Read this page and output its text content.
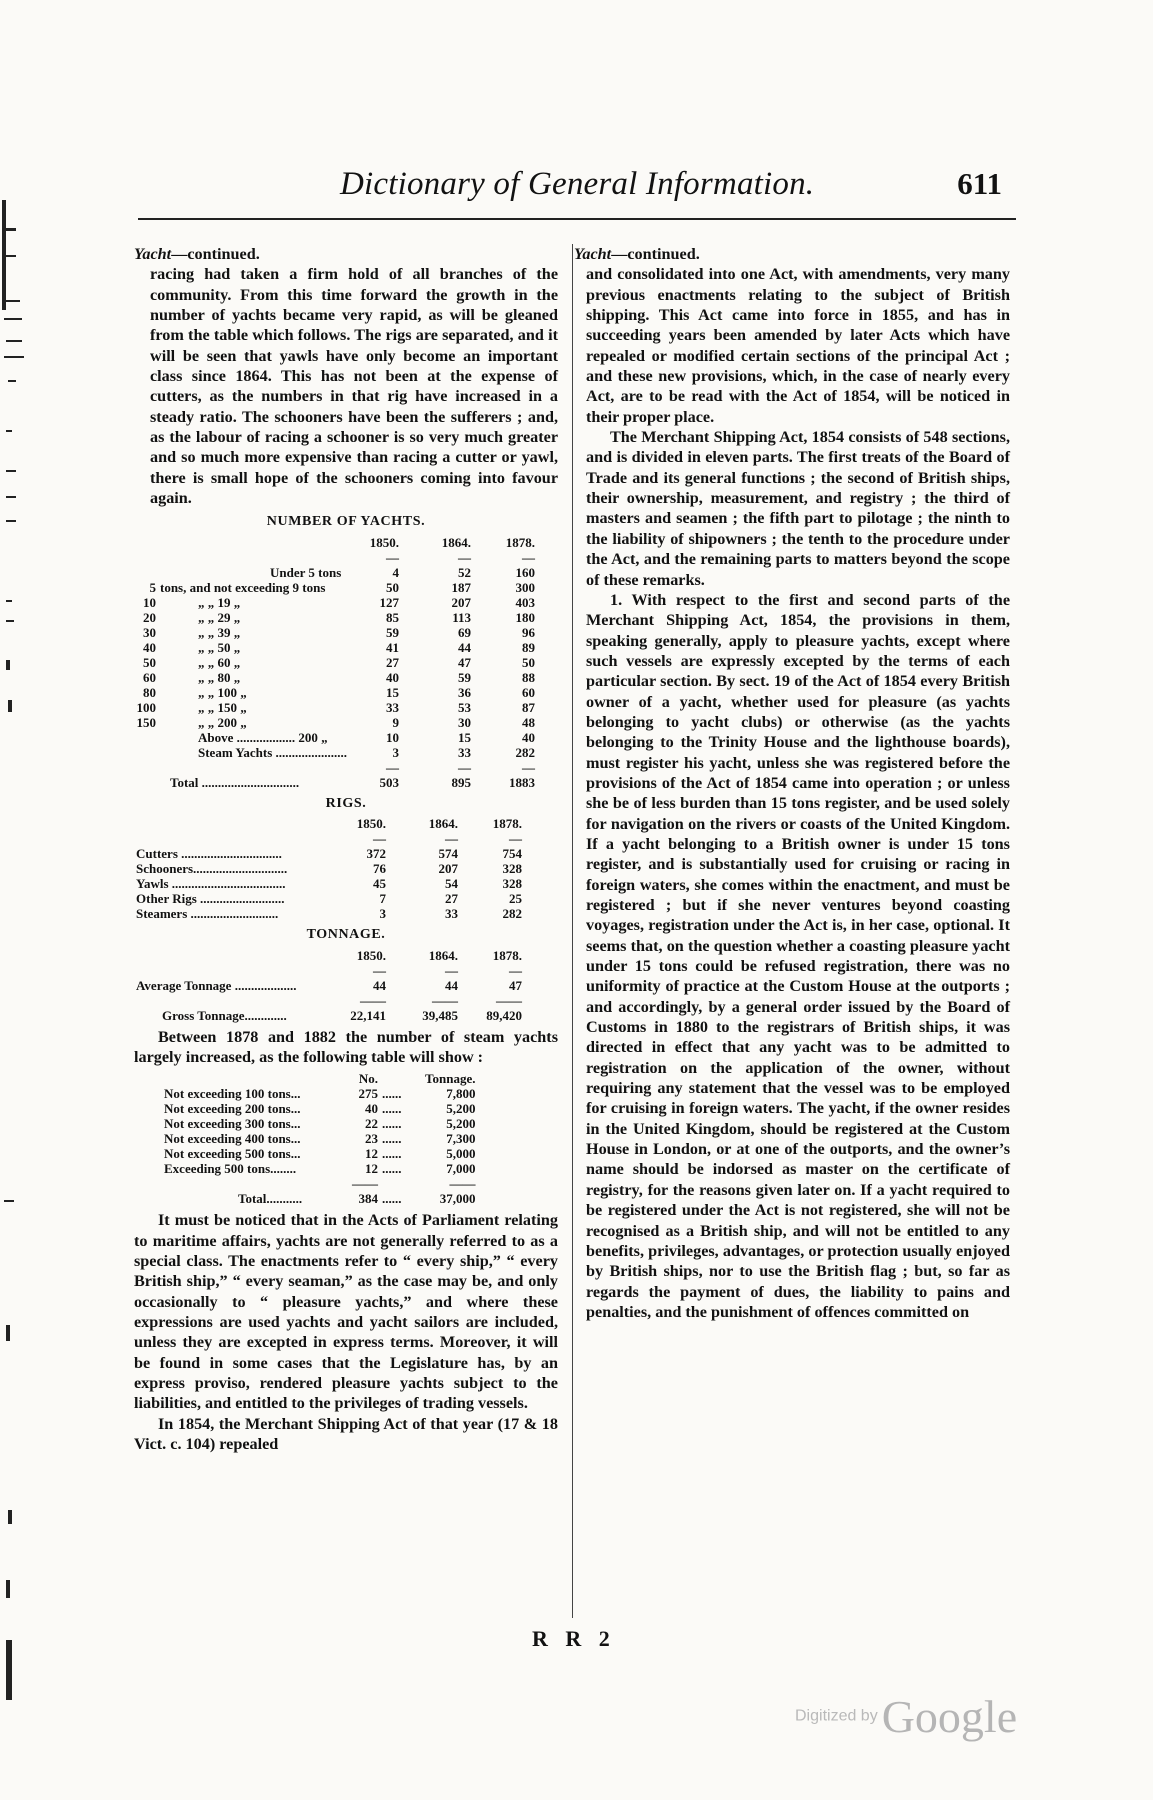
Dictionary of General Information.	611
Yacht—continued.

racing had taken a firm hold of all branches of the community. From this time forward the growth in the number of yachts became very rapid, as will be gleaned from the table which follows. The rigs are separated, and it will be seen that yawls have only become an important class since 1864. This has not been at the expense of cutters, as the numbers in that rig have increased in a steady ratio. The schooners have been the sufferers ; and, as the labour of racing a schooner is so very much greater and so much more expensive than racing a cutter or yawl, there is small hope of the schooners coming into favour again.

NUMBER OF YACHTS.
		1850.	1864.	1878.
		—	—	—
	Under 5 tons	4	52	160
5	tons, and not exceeding 9 tons	50	187	300
10	„ „ 19 „	127	207	403
20	„ „ 29 „	85	113	180
30	„ „ 39 „	59	69	96
40	„ „ 50 „	41	44	89
50	„ „ 60 „	27	47	50
60	„ „ 80 „	40	59	88
80	„ „ 100 „	15	36	60
100	„ „ 150 „	33	53	87
150	„ „ 200 „	9	30	48
	Above .................. 200 „	10	15	40
	Steam Yachts ......................	3	33	282
		—	—	—
	Total ..............................	503	895	1883
RIGS.
	1850.	1864.	1878.
	—	—	—
Cutters ...............................	372	574	754
Schooners.............................	76	207	328
Yawls ...................................	45	54	328
Other Rigs ..........................	7	27	25
Steamers ...........................	3	33	282
TONNAGE.
	1850.	1864.	1878.
	—	—	—
Average Tonnage ...................	44	44	47
	——	——	——
Gross Tonnage.............	22,141	39,485	89,420

Between 1878 and 1882 the number of steam yachts largely increased, as the following table will show :

	No.		Tonnage.
Not exceeding 100 tons...	275	......	7,800
Not exceeding 200 tons...	40	......	5,200
Not exceeding 300 tons...	22	......	5,200
Not exceeding 400 tons...	23	......	7,300
Not exceeding 500 tons...	12	......	5,000
Exceeding 500 tons........	12	......	7,000
	——		——
Total...........	384	......	37,000

It must be noticed that in the Acts of Parliament relating to maritime affairs, yachts are not generally referred to as a special class. The enactments refer to “ every ship,” “ every British ship,” “ every seaman,” as the case may be, and only occasionally to “ pleasure yachts,” and where these expressions are used yachts and yacht sailors are included, unless they are excepted in express terms. Moreover, it will be found in some cases that the Legislature has, by an express proviso, rendered pleasure yachts subject to the liabilities, and entitled to the privileges of trading vessels.

In 1854, the Merchant Shipping Act of that year (17 & 18 Vict. c. 104) repealed

Yacht—continued.

and consolidated into one Act, with amendments, very many previous enactments relating to the subject of British shipping. This Act came into force in 1855, and has in succeeding years been amended by later Acts which have repealed or modified certain sections of the principal Act ; and these new provisions, which, in the case of nearly every Act, are to be read with the Act of 1854, will be noticed in their proper place.

The Merchant Shipping Act, 1854 consists of 548 sections, and is divided in eleven parts. The first treats of the Board of Trade and its general functions ; the second of British ships, their ownership, measurement, and registry ; the third of masters and seamen ; the fifth part to pilotage ; the ninth to the liability of shipowners ; the tenth to the procedure under the Act, and the remaining parts to matters beyond the scope of these remarks.

1. With respect to the first and second parts of the Merchant Shipping Act, 1854, the provisions in them, speaking generally, apply to pleasure yachts, except where such vessels are expressly excepted by the terms of each particular section. By sect. 19 of the Act of 1854 every British owner of a yacht, whether used for pleasure (as yachts belonging to yacht clubs) or otherwise (as the yachts belonging to the Trinity House and the lighthouse boards), must register his yacht, unless she was registered before the provisions of the Act of 1854 came into operation ; or unless she be of less burden than 15 tons register, and be used solely for navigation on the rivers or coasts of the United Kingdom. If a yacht belonging to a British owner is under 15 tons register, and is substantially used for cruising or racing in foreign waters, she comes within the enactment, and must be registered ; but if she never ventures beyond coasting voyages, registration under the Act is, in her case, optional. It seems that, on the question whether a coasting pleasure yacht under 15 tons could be refused registration, there was no uniformity of practice at the Custom House at the outports ; and accordingly, by a general order issued by the Board of Customs in 1880 to the registrars of British ships, it was directed in effect that any yacht was to be admitted to registration on the application of the owner, without requiring any statement that the vessel was to be employed for cruising in foreign waters. The yacht, if the owner resides in the United Kingdom, should be registered at the Custom House in London, or at one of the outports, and the owner’s name should be indorsed as master on the certificate of registry, for the reasons given later on. If a yacht required to be registered under the Act is not registered, she will not be recognised as a British ship, and will not be entitled to any benefits, privileges, advantages, or protection usually enjoyed by British ships, nor to use the British flag ; but, so far as regards the payment of dues, the liability to pains and penalties, and the punishment of offences committed on

R R 2
Digitized by Google
